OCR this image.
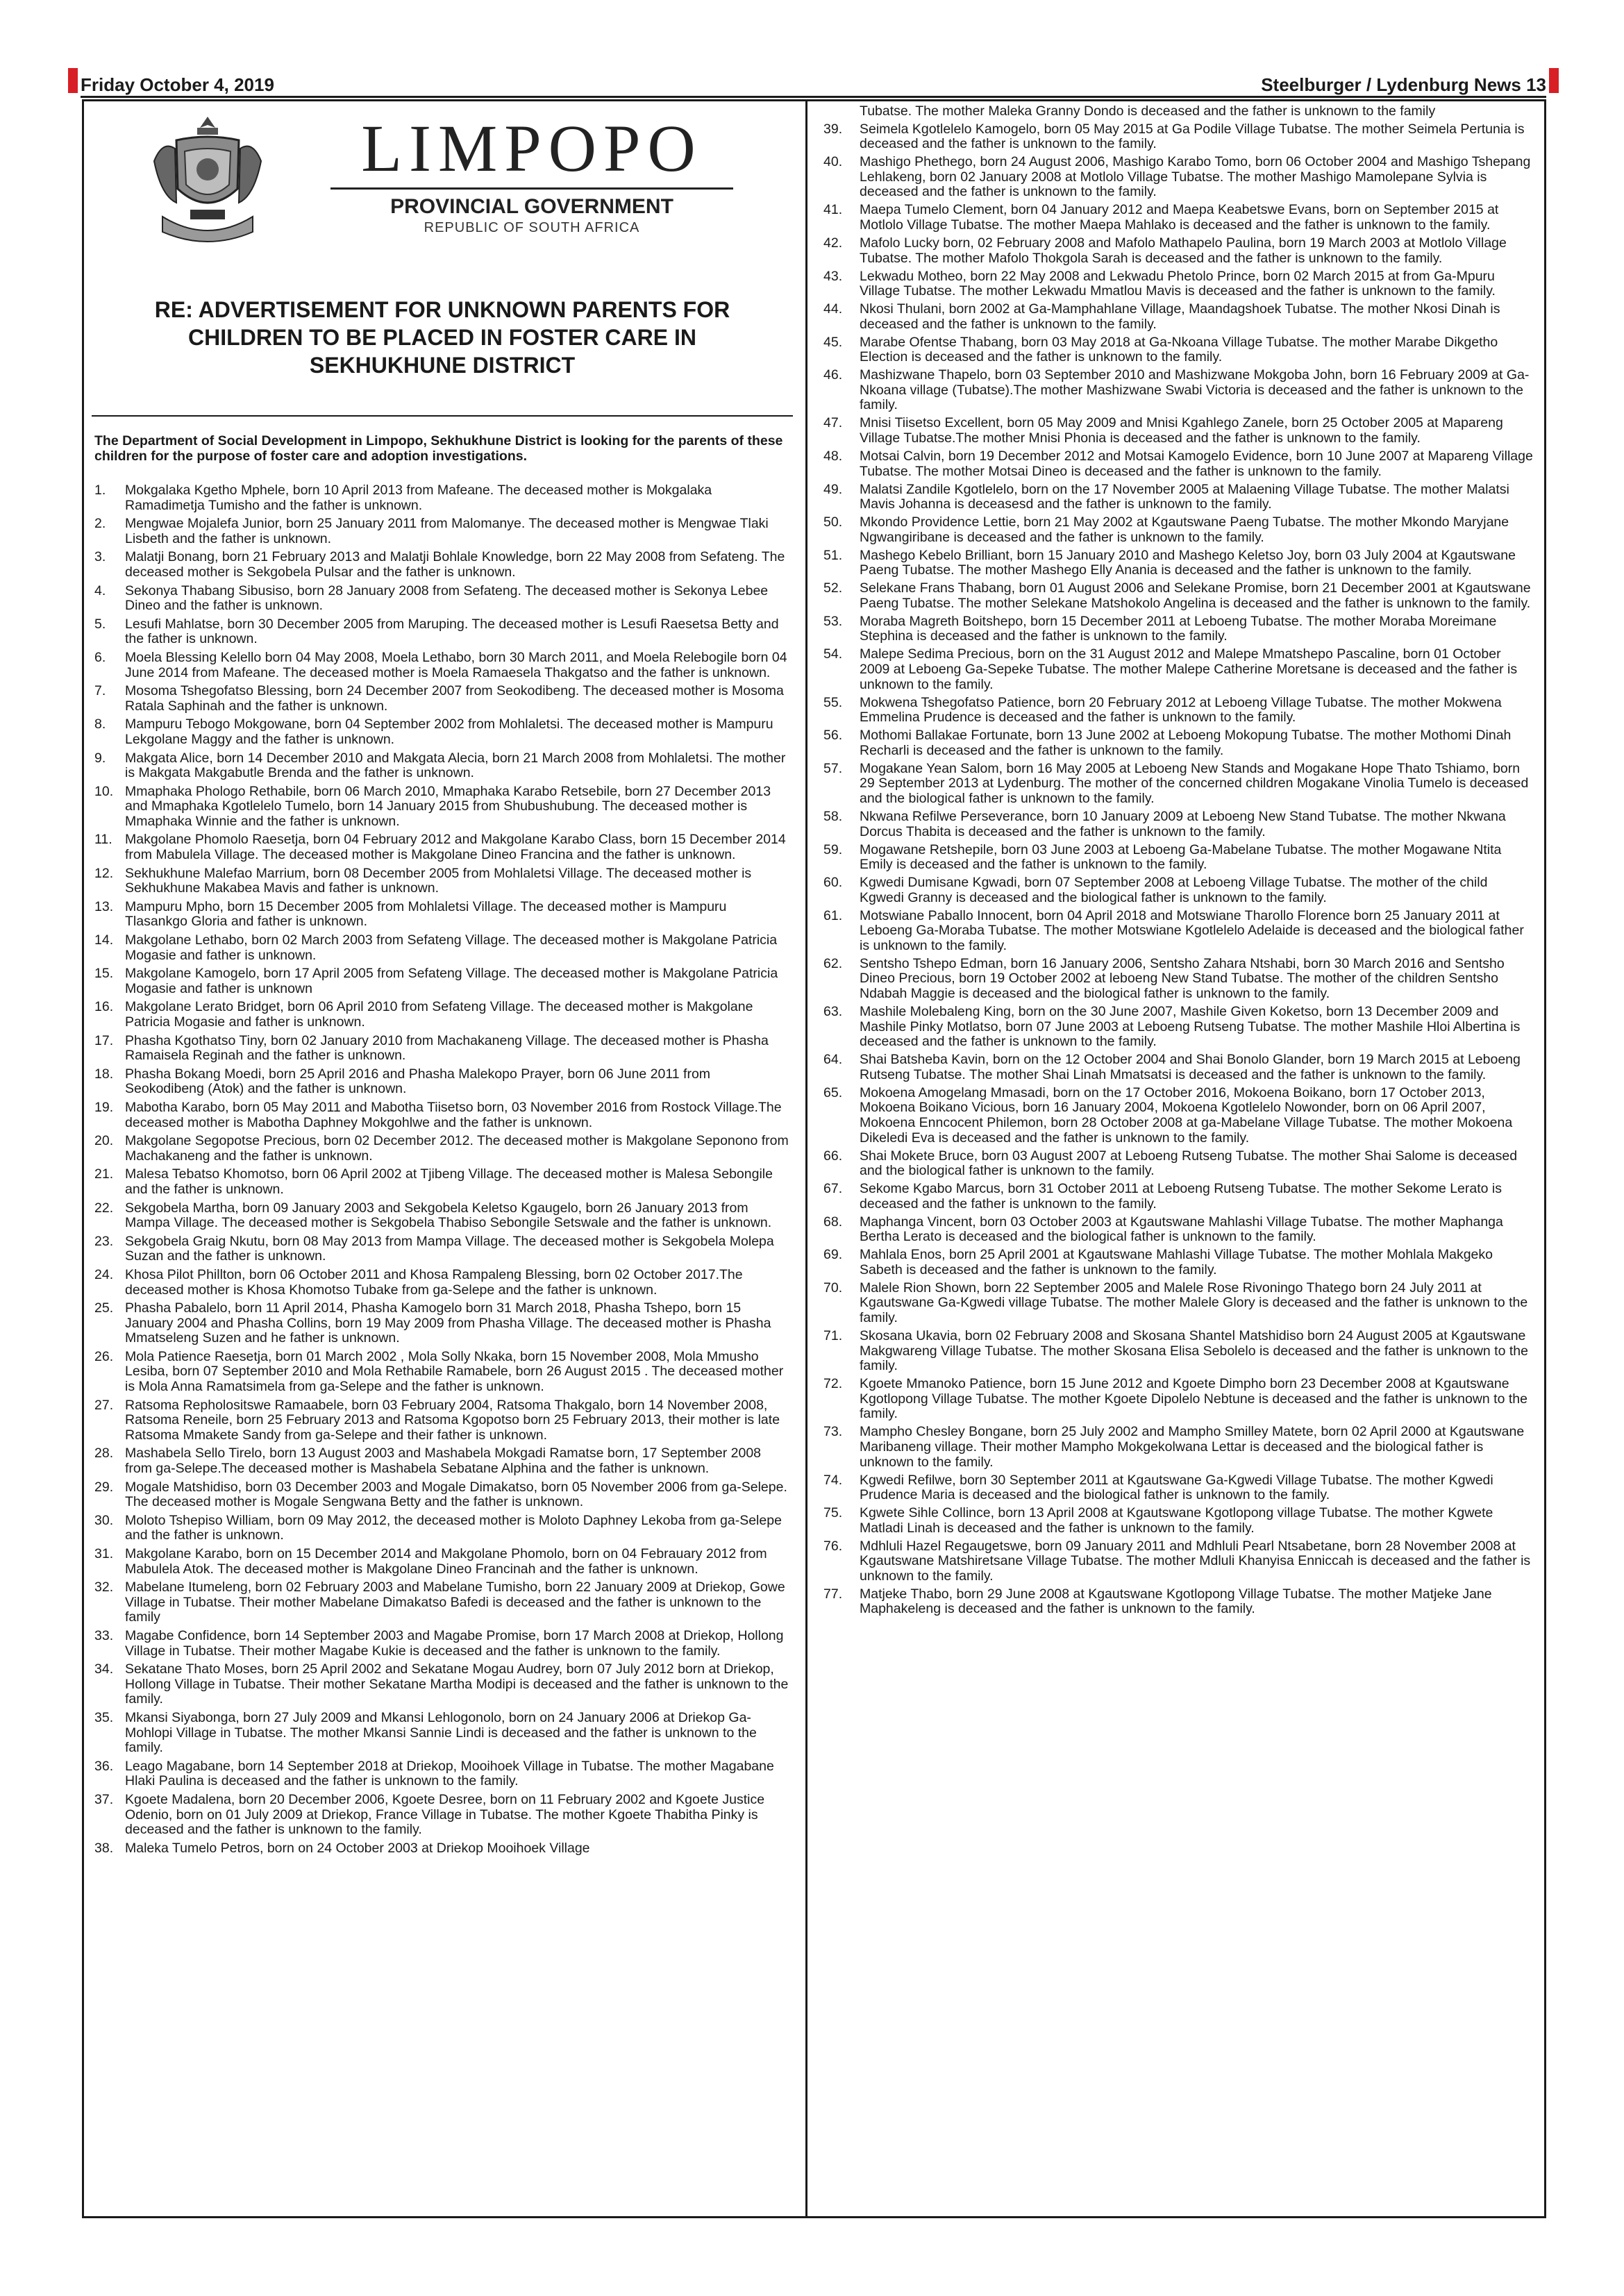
Friday October 4, 2019	Steelburger / Lydenburg News 13
LIMPOPO
PROVINCIAL GOVERNMENT
REPUBLIC OF SOUTH AFRICA
RE: ADVERTISEMENT FOR UNKNOWN PARENTS FOR CHILDREN TO BE PLACED IN FOSTER CARE IN SEKHUKHUNE DISTRICT
The Department of Social Development in Limpopo, Sekhukhune District is looking for the parents of these children for the purpose of foster care and adoption investigations.
1.	Mokgalaka Kgetho Mphele, born 10 April 2013 from Mafeane. The deceased mother is Mokgalaka Ramadimetja Tumisho and the father is unknown.
2.	Mengwae Mojalefa Junior, born 25 January 2011 from Malomanye. The deceased mother is Mengwae Tlaki Lisbeth and the father is unknown.
3.	Malatji Bonang, born 21 February 2013 and Malatji Bohlale Knowledge, born 22 May 2008 from Sefateng. The deceased mother is Sekgobela Pulsar and the father is unknown.
4.	Sekonya Thabang Sibusiso, born 28 January 2008 from Sefateng. The deceased mother is Sekonya Lebee Dineo and the father is unknown.
5.	Lesufi Mahlatse, born 30 December 2005 from Maruping. The deceased mother is Lesufi Raesetsa Betty and the father is unknown.
6.	Moela Blessing Kelello born 04 May 2008, Moela Lethabo, born 30 March 2011, and Moela Relebogile born 04 June 2014 from Mafeane. The deceased mother is Moela Ramaesela Thakgatso and the father is unknown.
7.	Mosoma Tshegofatso Blessing, born 24 December 2007 from Seokodibeng. The deceased mother is Mosoma Ratala Saphinah and the father is unknown.
8.	Mampuru Tebogo Mokgowane, born 04 September 2002 from Mohlaletsi. The deceased mother is Mampuru Lekgolane Maggy and the father is unknown.
9.	Makgata Alice, born 14 December 2010 and Makgata Alecia, born 21 March 2008 from Mohlaletsi. The mother is Makgata Makgabutle Brenda and the father is unknown.
10. Mmaphaka Phologo Rethabile, born 06 March 2010, Mmaphaka Karabo Retsebile, born 27 December 2013 and Mmaphaka Kgotlelelo Tumelo, born 14 January 2015 from Shubushubung. The deceased mother is Mmaphaka Winnie and the father is unknown.
11. Makgolane Phomolo Raesetja, born 04 February 2012 and Makgolane Karabo Class, born 15 December 2014 from Mabulela Village. The deceased mother is Makgolane Dineo Francina and the father is unknown.
12. Sekhukhune Malefao Marrium, born 08 December 2005 from Mohlaletsi Village. The deceased mother is Sekhukhune Makabea Mavis and father is unknown.
13. Mampuru Mpho, born 15 December 2005 from Mohlaletsi Village. The deceased mother is Mampuru Tlasankgo Gloria and father is unknown.
14. Makgolane Lethabo, born 02 March 2003 from Sefateng Village. The deceased mother is Makgolane Patricia Mogasie and father is unknown.
15. Makgolane Kamogelo, born 17 April 2005 from Sefateng Village. The deceased mother is Makgolane Patricia Mogasie and father is unknown
16. Makgolane Lerato Bridget, born 06 April 2010 from Sefateng Village. The deceased mother is Makgolane Patricia Mogasie and father is unknown.
17. Phasha Kgothatso Tiny, born 02 January 2010 from Machakaneng Village. The deceased mother is Phasha Ramaisela Reginah and the father is unknown.
18. Phasha Bokang Moedi, born 25 April 2016 and Phasha Malekopo Prayer, born 06 June 2011 from Seokodibeng (Atok) and the father is unknown.
19. Mabotha Karabo, born 05 May 2011 and Mabotha Tiisetso born, 03 November 2016 from Rostock Village.The deceased mother is Mabotha Daphney Mokgohlwe and the father is unknown.
20. Makgolane Segopotse Precious, born 02 December 2012. The deceased mother is Makgolane Seponono from Machakaneng and the father is unknown.
21. Malesa Tebatso Khomotso, born 06 April 2002 at Tjibeng Village. The deceased mother is Malesa Sebongile and the father is unknown.
22. Sekgobela Martha, born 09 January 2003 and Sekgobela Keletso Kgaugelo, born 26 January 2013 from Mampa Village. The deceased mother is Sekgobela Thabiso Sebongile Setswale and the father is unknown.
23. Sekgobela Graig Nkutu, born 08 May 2013 from Mampa Village. The deceased mother is Sekgobela Molepa Suzan and the father is unknown.
24. Khosa Pilot Phillton, born 06 October 2011 and Khosa Rampaleng Blessing, born 02 October 2017.The deceased mother is Khosa Khomotso Tubake from ga-Selepe and the father is unknown.
25. Phasha Pabalelo, born 11 April 2014, Phasha Kamogelo born 31 March 2018, Phasha Tshepo, born 15 January 2004 and Phasha Collins, born 19 May 2009 from Phasha Village. The deceased mother is Phasha Mmatseleng Suzen and he father is unknown.
26. Mola Patience Raesetja, born 01 March 2002 , Mola Solly Nkaka, born 15 November 2008, Mola Mmusho Lesiba, born 07 September 2010 and Mola Rethabile Ramabele, born 26 August 2015 . The deceased mother is Mola Anna Ramatsimela from ga-Selepe and the father is unknown.
27. Ratsoma Repholositswe Ramaabele, born 03 February 2004, Ratsoma Thakgalo, born 14 November 2008, Ratsoma Reneile, born 25 February 2013 and Ratsoma Kgopotso born 25 February 2013, their mother is late Ratsoma Mmakete Sandy from ga-Selepe and their father is unknown.
28. Mashabela Sello Tirelo, born 13 August 2003 and Mashabela Mokgadi Ramatse born, 17 September 2008 from ga-Selepe.The deceased mother is Mashabela Sebatane Alphina and the father is unknown.
29. Mogale Matshidiso, born 03 December 2003 and Mogale Dimakatso, born 05 November 2006 from ga-Selepe. The deceased mother is Mogale Sengwana Betty and the father is unknown.
30. Moloto Tshepiso William, born 09 May 2012, the deceased mother is Moloto Daphney Lekoba from ga-Selepe and the father is unknown.
31. Makgolane Karabo, born on 15 December 2014 and Makgolane Phomolo, born on 04 Febrauary 2012 from Mabulela Atok. The deceased mother is Makgolane Dineo Francinah and the father is unknown.
32. Mabelane Itumeleng, born 02 February 2003 and Mabelane Tumisho, born 22 January 2009 at Driekop, Gowe Village in Tubatse. Their mother Mabelane Dimakatso Bafedi is deceased and the father is unknown to the family
33. Magabe Confidence, born 14 September 2003 and Magabe Promise, born 17 March 2008 at Driekop, Hollong Village in Tubatse. Their mother Magabe Kukie is deceased and the father is unknown to the family.
34. Sekatane Thato Moses, born 25 April 2002 and Sekatane Mogau Audrey, born 07 July 2012 born at Driekop, Hollong Village in Tubatse. Their mother Sekatane Martha Modipi is deceased and the father is unknown to the family.
35. Mkansi Siyabonga, born 27 July 2009 and Mkansi Lehlogonolo, born on 24 January 2006 at Driekop Ga-Mohlopi Village in Tubatse. The mother Mkansi Sannie Lindi is deceased and the father is unknown to the family.
36. Leago Magabane, born 14 September 2018 at Driekop, Mooihoek Village in Tubatse. The mother Magabane Hlaki Paulina is deceased and the father is unknown to the family.
37. Kgoete Madalena, born 20 December 2006, Kgoete Desree, born on 11 February 2002 and Kgoete Justice Odenio, born on 01 July 2009 at Driekop, France Village in Tubatse. The mother Kgoete Thabitha Pinky is deceased and the father is unknown to the family.
38. Maleka Tumelo Petros, born on 24 October 2003 at Driekop Mooihoek Village
Tubatse. The mother Maleka Granny Dondo is deceased and the father is unknown to the family
39.	Seimela Kgotlelelo Kamogelo, born 05 May 2015 at Ga Podile Village Tubatse. The mother Seimela Pertunia is deceased and the father is unknown to the family.
40.	Mashigo Phethego, born 24 August 2006, Mashigo Karabo Tomo, born 06 October 2004 and Mashigo Tshepang Lehlakeng, born 02 January 2008 at Motlolo Village Tubatse. The mother Mashigo Mamolepane Sylvia is deceased and the father is unknown to the family.
41.	Maepa Tumelo Clement, born 04 January 2012 and Maepa Keabetswe Evans, born on September 2015 at Motlolo Village Tubatse. The mother Maepa Mahlako is deceased and the father is unknown to the family.
42.	Mafolo Lucky born, 02 February 2008 and Mafolo Mathapelo Paulina, born 19 March 2003 at Motlolo Village Tubatse. The mother Mafolo Thokgola Sarah is deceased and the father is unknown to the family.
43.	Lekwadu Motheo, born 22 May 2008 and Lekwadu Phetolo Prince, born 02 March 2015 at from Ga-Mpuru Village Tubatse. The mother Lekwadu Mmatlou Mavis is deceased and the father is unknown to the family.
44.	Nkosi Thulani, born 2002 at Ga-Mamphahlane Village, Maandagshoek Tubatse. The mother Nkosi Dinah is deceased and the father is unknown to the family.
45.	Marabe Ofentse Thabang, born 03 May 2018 at Ga-Nkoana Village Tubatse. The mother Marabe Dikgetho Election is deceased and the father is unknown to the family.
46.	Mashizwane Thapelo, born 03 September 2010 and Mashizwane Mokgoba John, born 16 February 2009 at Ga-Nkoana village (Tubatse).The mother Mashizwane Swabi Victoria is deceased and the father is unknown to the family.
47.	Mnisi Tiisetso Excellent, born 05 May 2009 and Mnisi Kgahlego Zanele, born 25 October 2005 at Mapareng Village Tubatse.The mother Mnisi Phonia is deceased and the father is unknown to the family.
48.	Motsai Calvin, born 19 December 2012 and Motsai Kamogelo Evidence, born 10 June 2007 at Mapareng Village Tubatse. The mother Motsai Dineo is deceased and the father is unknown to the family.
49.	Malatsi Zandile Kgotlelelo, born on the 17 November 2005 at Malaening Village Tubatse. The mother Malatsi Mavis Johanna is deceasesd and the father is unknown to the family.
50.	Mkondo Providence Lettie, born 21 May 2002 at Kgautswane Paeng Tubatse. The mother Mkondo Maryjane Ngwangiribane is deceased and the father is unknown to the family.
51.	Mashego Kebelo Brilliant, born 15 January 2010 and Mashego Keletso Joy, born 03 July 2004 at Kgautswane Paeng Tubatse. The mother Mashego Elly Anania is deceased and the father is unknown to the family.
52.	Selekane Frans Thabang, born 01 August 2006 and Selekane Promise, born 21 December 2001 at Kgautswane Paeng Tubatse. The mother Selekane Matshokolo Angelina is deceased and the father is unknown to the family.
53.	Moraba Magreth Boitshepo, born 15 December 2011 at Leboeng Tubatse. The mother Moraba Moreimane Stephina is deceased and the father is unknown to the family.
54.	Malepe Sedima Precious, born on the 31 August 2012 and Malepe Mmatshepo Pascaline, born 01 October 2009 at Leboeng Ga-Sepeke Tubatse. The mother Malepe Catherine Moretsane is deceased and the father is unknown to the family.
55.	Mokwena Tshegofatso Patience, born 20 February 2012 at Leboeng Village Tubatse. The mother Mokwena Emmelina Prudence is deceased and the father is unknown to the family.
56.	Mothomi Ballakae Fortunate, born 13 June 2002 at Leboeng Mokopung Tubatse. The mother Mothomi Dinah Recharli is deceased and the father is unknown to the family.
57.	Mogakane Yean Salom, born 16 May 2005 at Leboeng New Stands and Mogakane Hope Thato Tshiamo, born 29 September 2013 at Lydenburg. The mother of the concerned children Mogakane Vinolia Tumelo is deceased and the biological father is unknown to the family.
58.	Nkwana Refilwe Perseverance, born 10 January 2009 at Leboeng New Stand Tubatse. The mother Nkwana Dorcus Thabita is deceased and the father is unknown to the family.
59.	Mogawane Retshepile, born 03 June 2003 at Leboeng Ga-Mabelane Tubatse. The mother Mogawane Ntita Emily is deceased and the father is unknown to the family.
60.	Kgwedi Dumisane Kgwadi, born 07 September 2008 at Leboeng Village Tubatse. The mother of the child Kgwedi Granny is deceased and the biological father is unknown to the family.
61.	Motswiane Paballo Innocent, born 04 April 2018 and Motswiane Tharollo Florence born 25 January 2011 at Leboeng Ga-Moraba Tubatse. The mother Motswiane Kgotlelelo Adelaide is deceased and the biological father is unknown to the family.
62.	Sentsho Tshepo Edman, born 16 January 2006, Sentsho Zahara Ntshabi, born 30 March 2016 and Sentsho Dineo Precious, born 19 October 2002 at leboeng New Stand Tubatse. The mother of the children Sentsho Ndabah Maggie is deceased and the biological father is unknown to the family.
63.	Mashile Molebaleng King, born on the 30 June 2007, Mashile Given Koketso, born 13 December 2009 and Mashile Pinky Motlatso, born 07 June 2003 at Leboeng Rutseng Tubatse. The mother Mashile Hloi Albertina is deceased and the father is unknown to the family.
64.	Shai Batsheba Kavin, born on the 12 October 2004 and Shai Bonolo Glander, born 19 March 2015 at Leboeng Rutseng Tubatse. The mother Shai Linah Mmatsatsi is deceased and the father is unknown to the family.
65.	Mokoena Amogelang Mmasadi, born on the 17 October 2016, Mokoena Boikano, born 17 October 2013, Mokoena Boikano Vicious, born 16 January 2004, Mokoena Kgotlelelo Nowonder, born on 06 April 2007, Mokoena Enncocent Philemon, born 28 October 2008 at ga-Mabelane Village Tubatse. The mother Mokoena Dikeledi Eva is deceased and the father is unknown to the family.
66.	Shai Mokete Bruce, born 03 August 2007 at Leboeng Rutseng Tubatse. The mother Shai Salome is deceased and the biological father is unknown to the family.
67.	Sekome Kgabo Marcus, born 31 October 2011 at Leboeng Rutseng Tubatse. The mother Sekome Lerato is deceased and the father is unknown to the family.
68.	Maphanga Vincent, born 03 October 2003 at Kgautswane Mahlashi Village Tubatse. The mother Maphanga Bertha Lerato is deceased and the biological father is unknown to the family.
69.	Mahlala Enos, born 25 April 2001 at Kgautswane Mahlashi Village Tubatse. The mother Mohlala Makgeko Sabeth is deceased and the father is unknown to the family.
70.	Malele Rion Shown, born 22 September 2005 and Malele Rose Rivoningo Thatego born 24 July 2011 at Kgautswane Ga-Kgwedi village Tubatse. The mother Malele Glory is deceased and the father is unknown to the family.
71.	Skosana Ukavia, born 02 February 2008 and Skosana Shantel Matshidiso born 24 August 2005 at Kgautswane Makgwareng Village Tubatse. The mother Skosana Elisa Sebolelo is deceased and the father is unknown to the family.
72.	Kgoete Mmanoko Patience, born 15 June 2012 and Kgoete Dimpho born 23 December 2008 at Kgautswane Kgotlopong Village Tubatse. The mother Kgoete Dipolelo Nebtune is deceased and the father is unknown to the family.
73.	Mampho Chesley Bongane, born 25 July 2002 and Mampho Smilley Matete, born 02 April 2000 at Kgautswane Maribaneng village. Their mother Mampho Mokgekolwana Lettar is deceased and the biological father is unknown to the family.
74.	Kgwedi Refilwe, born 30 September 2011 at Kgautswane Ga-Kgwedi Village Tubatse. The mother Kgwedi Prudence Maria is deceased and the biological father is unknown to the family.
75.	Kgwete Sihle Collince, born 13 April 2008 at Kgautswane Kgotlopong village Tubatse. The mother Kgwete Matladi Linah is deceased and the father is unknown to the family.
76.	Mdhluli Hazel Regaugetswe, born 09 January 2011 and Mdhluli Pearl Ntsabetane, born 28 November 2008 at Kgautswane Matshiretsane Village Tubatse. The mother Mdluli Khanyisa Enniccah is deceased and the father is unknown to the family.
77.	Matjeke Thabo, born 29 June 2008 at Kgautswane Kgotlopong Village Tubatse. The mother Matjeke Jane Maphakeleng is deceased and the father is unknown to the family.
